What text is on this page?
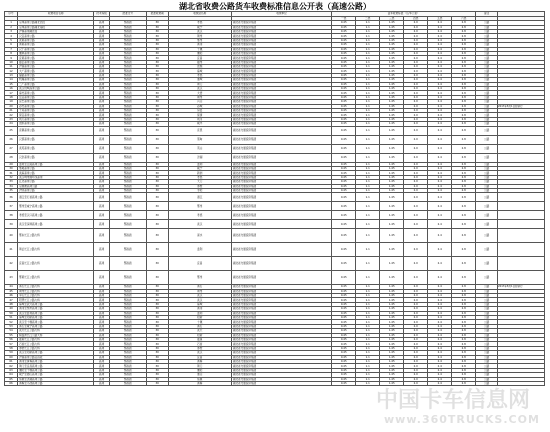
湖北省收费公路货车收费标准信息公开表（高速公路）
序号	收费项目名称	技术等级	批准文号	批准收费期	收费站名称	收费单位	货车收费标准（元/车公里）						备注	
							一类	二类	三类	四类	五类	六类		
1	京珠高速公路湖北北段	高速	鄂政函	30	孝感	湖北省交通投资集团	0.45	1.1	1.45	2.0	2.4	2.8	公路	
2	京珠高速公路湖北南段	高速	鄂政函	30	咸宁	湖北省交通投资集团	0.45	1.1	1.45	2.0	2.4	2.8	公路	
3	沪蓉高速湖北段	高速	鄂政函	30	武汉	湖北省交通投资集团	0.45	1.1	1.45	2.0	2.4	2.8	公路	
4	汉宜高速公路	高速	鄂政函	30	荆州	湖北省交通投资集团	0.45	1.1	1.45	2.0	2.4	2.8	公路	
5	武黄高速公路	高速	鄂政函	30	鄂州	湖北省交通投资集团	0.45	1.1	1.45	2.0	2.4	2.8	公路	
6	黄黄高速公路	高速	鄂政函	30	黄冈	湖北省交通投资集团	0.45	1.1	1.45	2.0	2.4	2.8	公路	
7	汉十高速公路	高速	鄂政函	30	十堰	湖北省交通投资集团	0.45	1.1	1.45	2.0	2.4	2.8	公路	
8	襄荆高速公路	高速	鄂政函	30	襄阳	湖北省交通投资集团	0.45	1.1	1.45	2.0	2.4	2.8	公路	
9	宜黄高速公路	高速	鄂政函	30	宜昌	湖北省交通投资集团	0.45	1.1	1.45	2.0	2.4	2.8	公路	
10	随岳高速公路	高速	鄂政函	30	随州	湖北省交通投资集团	0.45	1.1	1.45	2.0	2.4	2.8	公路	
11	沪渝高速公路	高速	鄂政函	30	恩施	湖北省交通投资集团	0.45	1.1	1.45	2.0	2.4	2.8	公路	
12	大广高速公路	高速	鄂政函	30	麻城	湖北省交通投资集团	0.45	1.1	1.45	2.0	2.4	2.8	公路	
13	福银高速公路	高速	鄂政函	30	孝感	湖北省交通投资集团	0.45	1.1	1.45	2.0	2.4	2.8	公路	
14	杭瑞高速公路	高速	鄂政函	30	通城	湖北省交通投资集团	0.45	1.1	1.45	2.0	2.4	2.8	公路	
15	二广高速公路	高速	鄂政函	30	荆门	湖北省交通投资集团	0.45	1.1	1.45	2.0	2.4	2.8	公路	
16	武汉绕城高速公路	高速	鄂政函	30	武汉	湖北省交通投资集团	0.45	1.1	1.45	2.0	2.4	2.8	公路	
17	麻竹高速公路	高速	鄂政函	30	大悟	湖北省交通投资集团	0.45	1.1	1.45	2.0	2.4	2.8	公路	
18	岳宜高速公路	高速	鄂政函	30	荆州	湖北省交通投资集团	0.45	1.1	1.45	2.0	2.4	2.8	公路	
19	宜巴高速公路	高速	鄂政函	30	兴山	湖北省交通投资集团	0.45	1.1	1.45	2.0	2.4	2.8	公路	
20	谷竹高速公路	高速	鄂政函	30	谷城	湖北省交通投资集团	0.45	1.1	1.45	2.0	2.4	2.8	公路	2017年8月1日起执行
21	十房高速公路	高速	鄂政函	30	房县	湖北省交通投资集团	0.45	1.1	1.45	2.0	2.4	2.8	公路	
22	保宜高速公路	高速	鄂政函	30	保康	湖北省交通投资集团	0.45	1.1	1.45	2.0	2.4	2.8	公路	
23	利万高速公路	高速	鄂政函	30	利川	湖北省交通投资集团	0.45	1.1	1.45	2.0	2.4	2.8	公路	
24	恩黔高速公路	高速	鄂政函	30	咸丰	湖北省交通投资集团	0.45	1.1	1.45	2.0	2.4	2.8	公路	
25	宣鹤高速公路	高速	鄂政函	30	宣恩	湖北省交通投资集团	0.45	1.1	1.45	2.0	2.4	2.8	公路	
26	汉蔡高速公路	高速	鄂政函	30	蔡甸	湖北省交通投资集团	0.45	1.1	1.45	2.0	2.4	2.8	公路	
27	武英高速公路	高速	鄂政函	30	英山	湖北省交通投资集团	0.45	1.1	1.45	2.0	2.4	2.8	公路	
28	汉洪高速公路	高速	鄂政函	30	洪湖	湖北省交通投资集团	0.45	1.1	1.45	2.0	2.4	2.8	公路	
29	监利至江陵高速公路	高速	鄂政函	30	监利	湖北省交通投资集团	0.45	1.1	1.45	2.0	2.4	2.8	公路	
30	鄂咸高速公路	高速	鄂政函	30	咸宁	湖北省交通投资集团	0.45	1.1	1.45	2.0	2.4	2.8	公路	
31	武麻高速公路	高速	鄂政函	30	新洲	湖北省交通投资集团	0.45	1.1	1.45	2.0	2.4	2.8	公路	
32	武汉城市圈环线高速	高速	鄂政函	30	孝感	湖北省交通投资集团	0.45	1.1	1.45	2.0	2.4	2.8	公路	
33	江北高速公路	高速	鄂政函	30	天门	湖北省交通投资集团	0.45	1.1	1.45	2.0	2.4	2.8	公路	
34	京港澳高速公路	高速	鄂政函	30	赤壁	湖北省交通投资集团	0.45	1.1	1.45	2.0	2.4	2.8	公路	
35	沪陕高速公路	高速	鄂政函	30	枣阳	湖北省交通投资集团	0.45	1.1	1.45	2.0	2.4	2.8	公路	
36	潜江至石首高速公路	高速	鄂政函	30	潜江	湖北省交通投资集团	0.45	1.1	1.45	2.0	2.4	2.8	公路	
37	鄂州至咸宁高速公路	高速	鄂政函	30	鄂州	湖北省交通投资集团	0.45	1.1	1.45	2.0	2.4	2.8	公路	
38	孝感至汉口高速公路	高速	鄂政函	30	孝感	湖北省交通投资集团	0.45	1.1	1.45	2.0	2.4	2.8	公路	
39	武汉至深圳高速公路	高速	鄂政函	30	武汉	湖北省交通投资集团	0.45	1.1	1.45	2.0	2.4	2.8	公路	
40	鄂东长江公路大桥	高速	鄂政函	30	浠水	湖北省交通投资集团	0.45	1.1	1.45	2.0	2.4	2.8	公路	
41	荆岳长江公路大桥	高速	鄂政函	30	监利	湖北省交通投资集团	0.45	1.1	1.45	2.0	2.4	2.8	公路	
42	宜昌长江公路大桥	高速	鄂政函	30	宜昌	湖北省交通投资集团	0.45	1.1	1.45	2.0	2.4	2.8	公路	
43	鄂黄长江公路大桥	高速	鄂政函	30	鄂州	湖北省交通投资集团	0.45	1.1	1.45	2.0	2.4	2.8	公路	
44	黄石长江公路大桥	高速	鄂政函	30	黄石	湖北省交通投资集团	0.45	1.1	1.45	2.0	2.4	2.8	公路	2017年8月1日起执行
45	荆州长江公路大桥	高速	鄂政函	30	荆州	湖北省交通投资集团	0.45	1.1	1.45	2.0	2.4	2.8	公路	
46	军山长江公路大桥	高速	鄂政函	30	武汉	湖北省交通投资集团	0.45	1.1	1.45	2.0	2.4	2.8	公路	
47	阳逻长江公路大桥	高速	鄂政函	30	武汉	湖北省交通投资集团	0.45	1.1	1.45	2.0	2.4	2.8	公路	
48	麻城至武穴高速公路	高速	鄂政函	30	麻城	湖北省交通投资集团	0.45	1.1	1.45	2.0	2.4	2.8	公路	
49	黄冈至鄂州高速公路	高速	鄂政函	30	黄冈	湖北省交通投资集团	0.45	1.1	1.45	2.0	2.4	2.8	公路	
50	武汉至监利高速公路	高速	鄂政函	30	监利	湖北省交通投资集团	0.45	1.1	1.45	2.0	2.4	2.8	公路	
51	麻城至阳新高速公路	高速	鄂政函	30	阳新	湖北省交通投资集团	0.45	1.1	1.45	2.0	2.4	2.8	公路	
52	武汉至十堰高速公路	高速	鄂政函	30	十堰	湖北省交通投资集团	0.45	1.1	1.45	2.0	2.4	2.8	公路	
53	黄石至咸宁高速公路	高速	鄂政函	30	黄石	湖北省交通投资集团	0.45	1.1	1.45	2.0	2.4	2.8	公路	
54	武穴长江公路大桥	高速	鄂政函	30	武穴	湖北省交通投资集团	0.45	1.1	1.45	2.0	2.4	2.8	公路	
55	棋盘洲长江公路大桥	高速	鄂政函	30	阳新	湖北省交通投资集团	0.45	1.1	1.45	2.0	2.4	2.8	公路	
56	嘉鱼长江公路大桥	高速	鄂政函	30	嘉鱼	湖北省交通投资集团	0.45	1.1	1.45	2.0	2.4	2.8	公路	
57	石首长江公路大桥	高速	鄂政函	30	石首	湖北省交通投资集团	0.45	1.1	1.45	2.0	2.4	2.8	公路	
58	赤壁长江公路大桥	高速	鄂政函	30	赤壁	湖北省交通投资集团	0.45	1.1	1.45	2.0	2.4	2.8	公路	
59	武汉至阳新高速公路	高速	鄂政函	30	武汉	湖北省交通投资集团	0.45	1.1	1.45	2.0	2.4	2.8	公路	
60	沪渝高速公路宜昌段	高速	鄂政函	30	宜昌	湖北省交通投资集团	0.45	1.1	1.45	2.0	2.4	2.8	公路	
61	黄冈至黄梅高速公路	高速	鄂政函	30	黄梅	湖北省交通投资集团	0.45	1.1	1.45	2.0	2.4	2.8	公路	
62	荆门至宜昌高速公路	高速	鄂政函	30	荆门	湖北省交通投资集团	0.45	1.1	1.45	2.0	2.4	2.8	公路	
63	襄阳至十堰高速公路	高速	鄂政函	30	襄阳	湖北省交通投资集团	0.45	1.1	1.45	2.0	2.4	2.8	公路	
64	咸宁至通山高速公路	高速	鄂政函	30	通山	湖北省交通投资集团	0.45	1.1	1.45	2.0	2.4	2.8	公路	
65	仙桃至洪湖高速公路	高速	鄂政函	30	仙桃	湖北省交通投资集团	0.45	1.1	1.45	2.0	2.4	2.8	公路	
66	黄梅至小池高速公路	高速	鄂政函	30	黄梅	湖北省交通投资集团	0.45	1.1	1.45	2.0	2.4	2.8	公路	
中国卡车信息网
www.360TRUCKS.COM
